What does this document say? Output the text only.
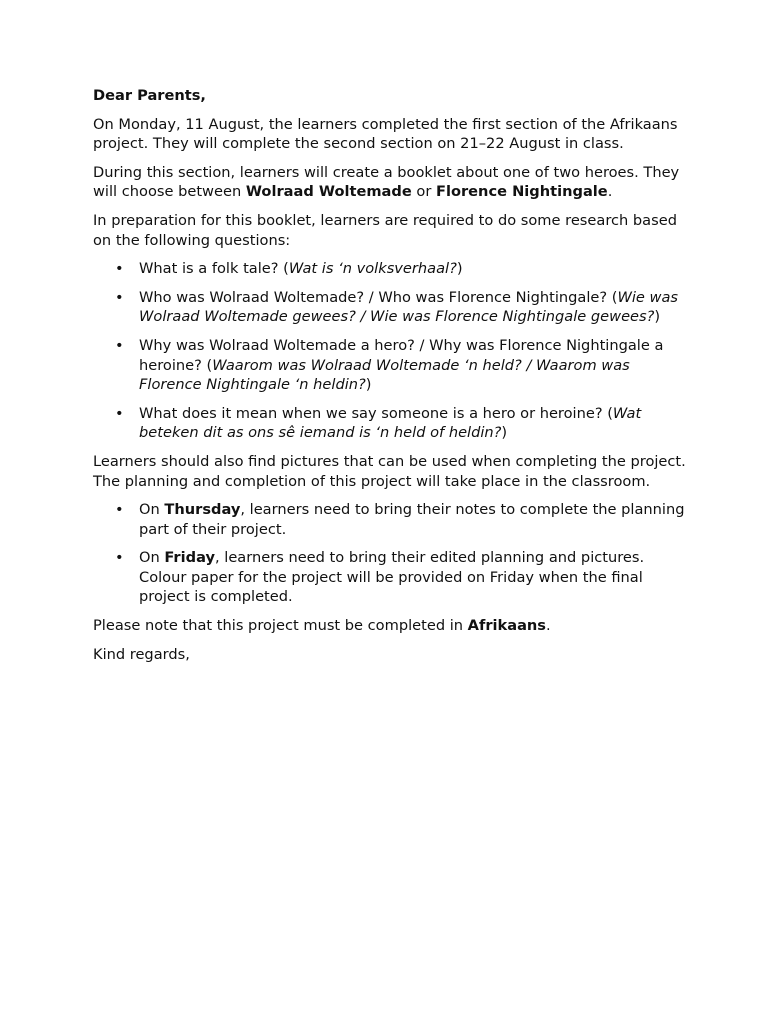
Dear Parents,

On Monday, 11 August, the learners completed the first section of the Afrikaans project. They will complete the second section on 21–22 August in class.

During this section, learners will create a booklet about one of two heroes. They will choose between Wolraad Woltemade or Florence Nightingale.

In preparation for this booklet, learners are required to do some research based on the following questions:

• What is a folk tale? (Wat is ‘n volksverhaal?)
• Who was Wolraad Woltemade? / Who was Florence Nightingale? (Wie was Wolraad Woltemade gewees? / Wie was Florence Nightingale gewees?)
• Why was Wolraad Woltemade a hero? / Why was Florence Nightingale a heroine? (Waarom was Wolraad Woltemade ‘n held? / Waarom was Florence Nightingale ‘n heldin?)
• What does it mean when we say someone is a hero or heroine? (Wat beteken dit as ons sê iemand is ‘n held of heldin?)

Learners should also find pictures that can be used when completing the project. The planning and completion of this project will take place in the classroom.

• On Thursday, learners need to bring their notes to complete the planning part of their project.
• On Friday, learners need to bring their edited planning and pictures. Colour paper for the project will be provided on Friday when the final project is completed.

Please note that this project must be completed in Afrikaans.

Kind regards,
